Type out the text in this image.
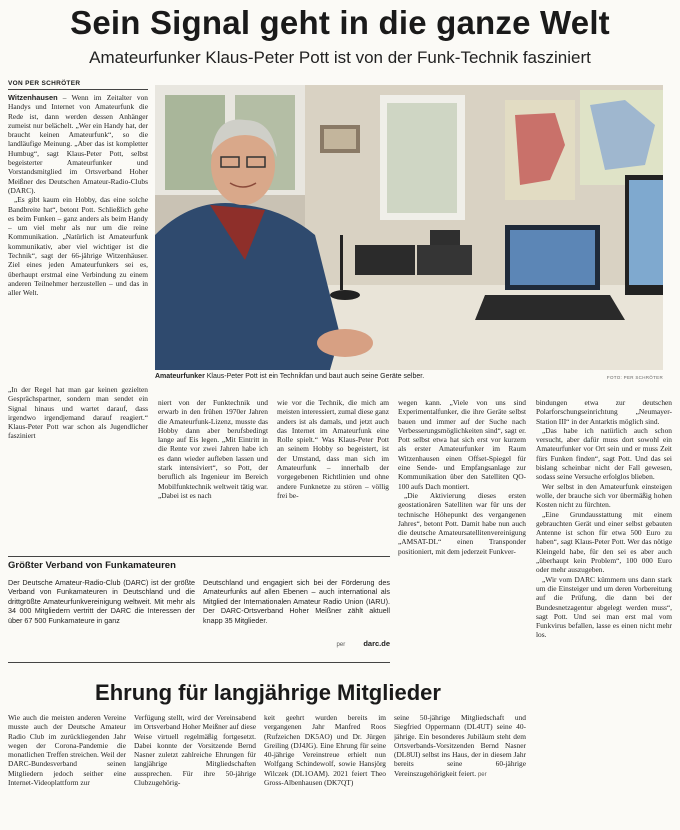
Sein Signal geht in die ganze Welt
Amateurfunker Klaus-Peter Pott ist von der Funk-Technik fasziniert
VON PER SCHRÖTER
Witzenhausen – Wenn im Zeitalter von Handys und Internet von Amateurfunk die Rede ist, dann werden dessen Anhänger zumeist nur belächelt. „Wer ein Handy hat, der braucht keinen Amateurfunk“, so die landläufige Meinung. „Aber das ist kompletter Humbug“, sagt Klaus-Peter Pott, selbst begeisterter Amateurfunker und Vorstandsmitglied im Ortsverband Hoher Meißner des Deutschen Amateur-Radio-Clubs (DARC).
„Es gibt kaum ein Hobby, das eine solche Bandbreite hat“, betont Pott. Schließlich gehe es beim Funken – ganz anders als beim Handy – um viel mehr als nur um die reine Kommunikation. „Natürlich ist Amateurfunk kommunikativ, aber viel wichtiger ist die Technik“, sagt der 66-jährige Witzenhäuser. Ziel eines jeden Amateurfunkers sei es, überhaupt erstmal eine Verbindung zu einem anderen Teilnehmer herzustellen – und das in aller Welt.
Amateurfunker Klaus-Peter Pott ist ein Technikfan und baut auch seine Geräte selber.	FOTO: PER SCHRÖTER
„In der Regel hat man gar keinen gezielten Gesprächspartner, sondern man sendet ein Signal hinaus und wartet darauf, dass irgendwo irgendjemand darauf reagiert.“ Klaus-Peter Pott war schon als Jugendlicher fasziniert
niert von der Funktechnik und erwarb in den frühen 1970er Jahren die Amateurfunk-Lizenz, musste das Hobby dann aber berufsbedingt lange auf Eis legen. „Mit Eintritt in die Rente vor zwei Jahren habe ich es dann wieder aufleben lassen und stark intensiviert“, so Pott, der beruflich als Ingenieur im Bereich Mobilfunktechnik weltweit tätig war. „Dabei ist es nach
wie vor die Technik, die mich am meisten interessiert, zumal diese ganz anders ist als damals, und jetzt auch das Internet im Amateurfunk eine Rolle spielt.“ Was Klaus-Peter Pott an seinem Hobby so begeistert, ist der Umstand, dass man sich im Amateurfunk – innerhalb der vorgegebenen Richtlinien und ohne andere Funknetze zu stören – völlig frei be-
wegen kann. „Viele von uns sind Experimentalfunker, die ihre Geräte selbst bauen und immer auf der Suche nach Verbesserungsmöglichkeiten sind“, sagt er. Pott selbst etwa hat sich erst vor kurzem als erster Amateurfunker im Raum Witzenhausen einen Offset-Spiegel für eine Sende- und Empfangsanlage zur Kommunikation über den Satelliten QO-100 aufs Dach montiert.
„Die Aktivierung dieses ersten geostationären Satelliten war für uns der technische Höhepunkt des vergangenen Jahres“, betont Pott. Damit habe nun auch die deutsche Amateursatellitenvereinigung „AMSAT-DL“ einen Transponder positioniert, mit dem jederzeit Funkver-
bindungen etwa zur deutschen Polarforschungseinrichtung „Neumayer-Station III“ in der Antarktis möglich sind.
„Das habe ich natürlich auch schon versucht, aber dafür muss dort sowohl ein Amateurfunker vor Ort sein und er muss Zeit fürs Funken finden“, sagt Pott. Und das sei bislang scheinbar nicht der Fall gewesen, sodass seine Versuche erfolglos blieben.
Wer selbst in den Amateurfunk einsteigen wolle, der brauche sich vor übermäßig hohen Kosten nicht zu fürchten.
„Eine Grundausstattung mit einem gebrauchten Gerät und einer selbst gebauten Antenne ist schon für etwa 500 Euro zu haben“, sagt Klaus-Peter Pott. Wer das nötige Kleingeld habe, für den sei es aber auch „überhaupt kein Problem“, 100 000 Euro oder mehr auszugeben.
„Wir vom DARC kümmern uns dann stark um die Einsteiger und um deren Vorbereitung auf die Prüfung, die dann bei der Bundesnetzagentur abgelegt werden muss“, sagt Pott. Und sei man erst mal vom Funkvirus befallen, lasse es einen nicht mehr los.
Größter Verband von Funkamateuren
Der Deutsche Amateur-Radio-Club (DARC) ist der größte Verband von Funkamateuren in Deutschland und die drittgrößte Amateurfunkvereinigung weltweit. Mit mehr als 34 000 Mitgliedern vertritt der DARC die Interessen der über 67 500 Funkamateure in ganz
Deutschland und engagiert sich bei der Förderung des Amateurfunks auf allen Ebenen – auch international als Mitglied der Internationalen Amateur Radio Union (IARU). Der DARC-Ortsverband Hoher Meißner zählt aktuell knapp 35 Mitglieder.
per darc.de
Ehrung für langjährige Mitglieder
Wie auch die meisten anderen Vereine musste auch der Deutsche Amateur Radio Club im zurückliegenden Jahr wegen der Corona-Pandemie die monatlichen Treffen streichen. Weil der DARC-Bundesverband seinen Mitgliedern jedoch seither eine Internet-Videoplattform zur
Verfügung stellt, wird der Vereinsabend im Ortsverband Hoher Meißner auf diese Weise virtuell regelmäßig fortgesetzt. Dabei konnte der Vorsitzende Bernd Nasner zuletzt zahlreiche Ehrungen für langjährige Mitgliedschaften aussprechen. Für ihre 50-jährige Clubzugehörig-
keit geehrt wurden bereits im vergangenen Jahr Manfred Roos (Rufzeichen DK5AO) und Dr. Jürgen Greiling (DJ4JG). Eine Ehrung für seine 40-jährige Vereinstreue erhielt nun Wolfgang Schindewolf, sowie Hansjörg Wilczek (DL1OAM). 2021 feiert Theo Gross-Albenhausen (DK7QT)
seine 50-jährige Mitgliedschaft und Siegfried Oppermann (DL4UT) seine 40-jährige. Ein besonderes Jubiläum steht dem Ortsverbands-Vorsitzenden Bernd Nasner (DL8UI) selbst ins Haus, der in diesem Jahr bereits seine 60-jährige Vereinszugehörigkeit feiert. per
